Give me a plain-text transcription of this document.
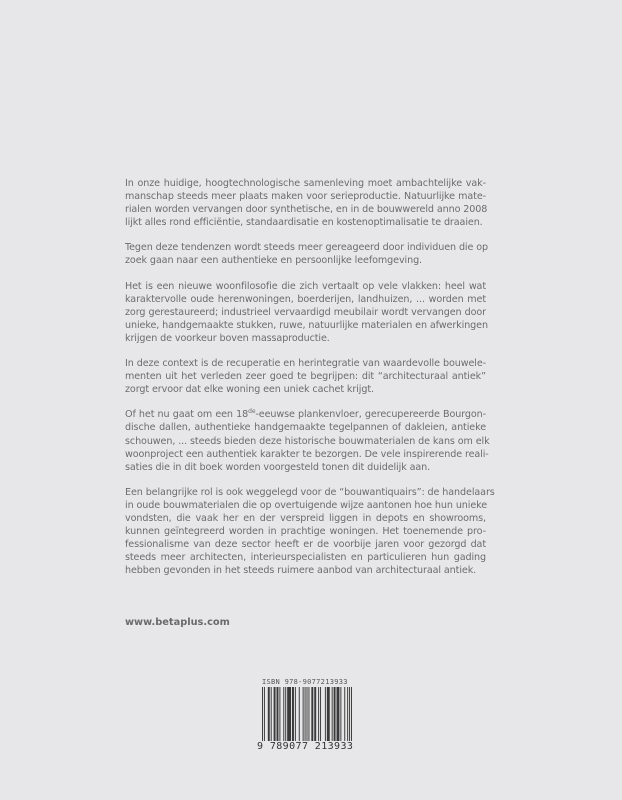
In onze huidige, hoogtechnologische samenleving moet ambachtelijke vak-
manschap steeds meer plaats maken voor serieproductie. Natuurlijke mate-
rialen worden vervangen door synthetische, en in de bouwwereld anno 2008
lijkt alles rond efficiëntie, standaardisatie en kostenoptimalisatie te draaien.
Tegen deze tendenzen wordt steeds meer gereageerd door individuen die op
zoek gaan naar een authentieke en persoonlijke leefomgeving.
Het is een nieuwe woonfilosofie die zich vertaalt op vele vlakken: heel wat
karaktervolle oude herenwoningen, boerderijen, landhuizen, ... worden met
zorg gerestaureerd; industrieel vervaardigd meubilair wordt vervangen door
unieke, handgemaakte stukken, ruwe, natuurlijke materialen en afwerkingen
krijgen de voorkeur boven massaproductie.
In deze context is de recuperatie en herintegratie van waardevolle bouwele-
menten uit het verleden zeer goed te begrijpen: dit “architecturaal antiek”
zorgt ervoor dat elke woning een uniek cachet krijgt.
Of het nu gaat om een 18de-eeuwse plankenvloer, gerecupereerde Bourgon-
dische dallen, authentieke handgemaakte tegelpannen of dakleien, antieke
schouwen, ... steeds bieden deze historische bouwmaterialen de kans om elk
woonproject een authentiek karakter te bezorgen. De vele inspirerende reali-
saties die in dit boek worden voorgesteld tonen dit duidelijk aan.
Een belangrijke rol is ook weggelegd voor de “bouwantiquairs”: de handelaars
in oude bouwmaterialen die op overtuigende wijze aantonen hoe hun unieke
vondsten, die vaak her en der verspreid liggen in depots en showrooms,
kunnen geïntegreerd worden in prachtige woningen. Het toenemende pro-
fessionalisme van deze sector heeft er de voorbije jaren voor gezorgd dat
steeds meer architecten, interieurspecialisten en particulieren hun gading
hebben gevonden in het steeds ruimere aanbod van architecturaal antiek.
www.betaplus.com
ISBN 978-9077213933
9 789077 213933
